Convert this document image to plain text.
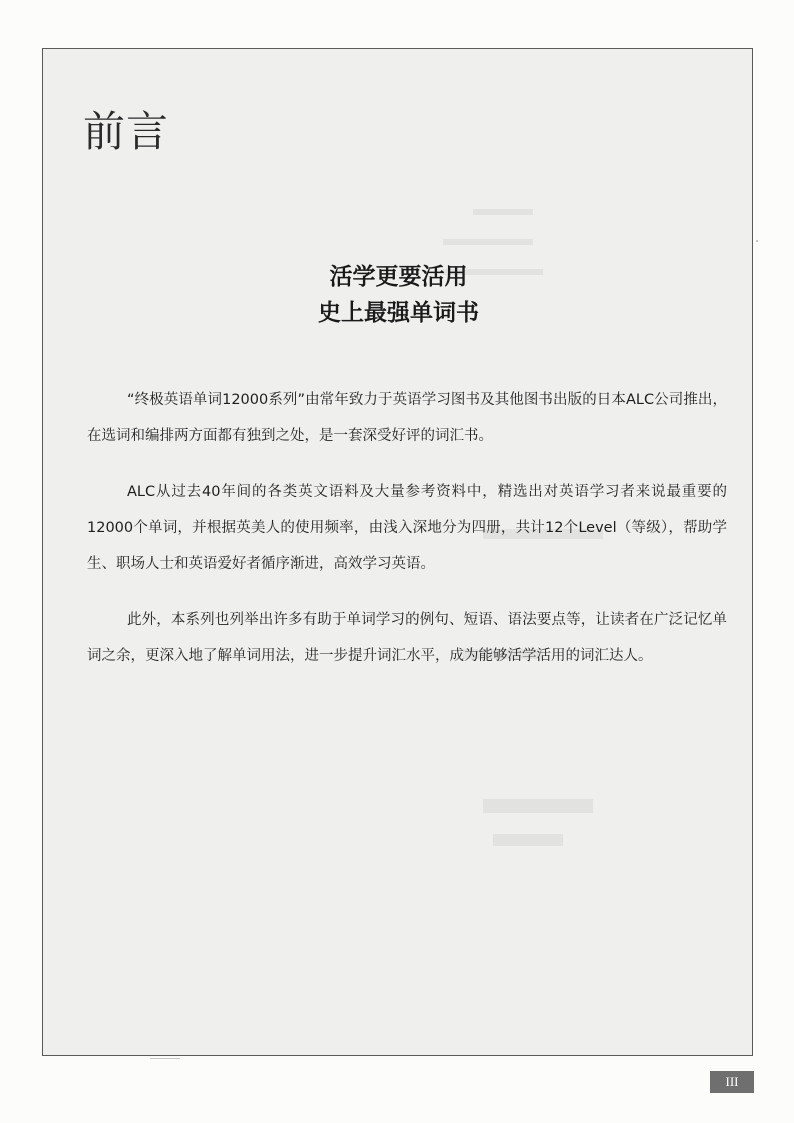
前言
活学更要活用
史上最强单词书

“终极英语单词12000系列”由常年致力于英语学习图书及其他图书出版的日本ALC公司推出，在选词和编排两方面都有独到之处，是一套深受好评的词汇书。

ALC从过去40年间的各类英文语料及大量参考资料中，精选出对英语学习者来说最重要的12000个单词，并根据英美人的使用频率，由浅入深地分为四册，共计12个Level（等级），帮助学生、职场人士和英语爱好者循序渐进，高效学习英语。

此外，本系列也列举出许多有助于单词学习的例句、短语、语法要点等，让读者在广泛记忆单词之余，更深入地了解单词用法，进一步提升词汇水平，成为能够活学活用的词汇达人。

III
